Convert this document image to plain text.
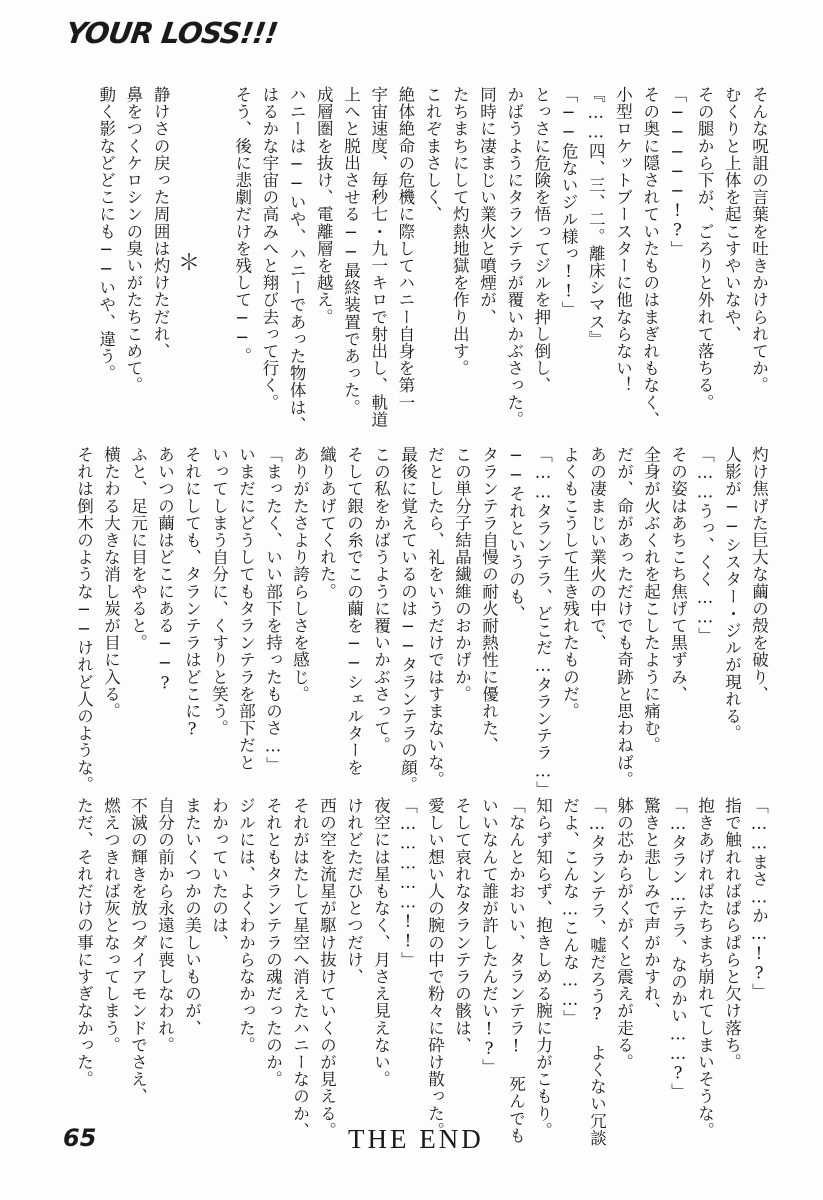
YOUR LOSS!!!
そんな呪詛の言葉を吐きかけられてか。
むくりと上体を起こすやいなや、
その腿から下が、ごろりと外れて落ちる。
「─────!?」
その奥に隠されていたものはまぎれもなく、
小型ロケットブースターに他ならない！
『……四、三、二。離床シマス』
「──危ないジル様っ!!」
とっさに危険を悟ってジルを押し倒し、
かばうようにタランテラが覆いかぶさった。
同時に凄まじい業火と噴煙が、
たちまちにして灼熱地獄を作り出す。
これぞまさしく、
絶体絶命の危機に際してハニー自身を第一
宇宙速度、毎秒七・九一キロで射出し、軌道
上へと脱出させる──最終装置であった。
成層圏を抜け、電離層を越え。
ハニーは──いや、ハニーであった物体は、
はるかな宇宙の高みへと翔び去って行く。
そう、後に悲劇だけを残して──。
静けさの戻った周囲は灼けただれ、
鼻をつくケロシンの臭いがたちこめて。
動く影などどこにも──いや、違う。
灼け焦げた巨大な繭の殻を破り、
人影が──シスター・ジルが現れる。
「……うっ、くく……」
その姿はあちこち焦げて黒ずみ、
全身が火ぶくれを起こしたように痛む。
だが、命があっただけでも奇跡と思わねば。
あの凄まじい業火の中で、
よくもこうして生き残れたものだ。
「……タランテラ、どこだ…タランテラ…」
──それというのも、
タランテラ自慢の耐火耐熱性に優れた、
この単分子結晶繊維のおかげか。
だとしたら、礼をいうだけではすまないな。
最後に覚えているのは──タランテラの顔。
この私をかばうように覆いかぶさって。
そして銀の糸でこの繭を──シェルターを
織りあげてくれた。
ありがたさより誇らしさを感じ。
「まったく、いい部下を持ったものさ…」
いまだにどうしてもタランテラを部下だと
いってしまう自分に、くすりと笑う。
それにしても、タランテラはどこに?
あいつの繭はどこにある──?
ふと、足元に目をやると。
横たわる大きな消し炭が目に入る。
それは倒木のような──けれど人のような。
「……まさ…か…!?」
指で触れればぱらぱらと欠け落ち。
抱きあげればたちまち崩れてしまいそうな。
「…タラン…テラ、なのかい……?」
驚きと悲しみで声がかすれ、
躰の芯からがくがくと震えが走る。
「…タランテラ、嘘だろう? よくない冗談
だよ、こんな…こんな……」
知らず知らず、抱きしめる腕に力がこもり。
「なんとかおいい、タランテラ! 死んでも
いいなんて誰が許したんだい!?」
そして哀れなタランテラの骸は、
愛しい想い人の腕の中で粉々に砕け散った。
「……………!!」
夜空には星もなく、月さえ見えない。
けれどただひとつだけ、
西の空を流星が駆け抜けていくのが見える。
それがはたして星空へ消えたハニーなのか、
それともタランテラの魂だったのか。
ジルには、よくわからなかった。
わかっていたのは、
またいくつかの美しいものが、
自分の前から永遠に喪しなわれ。
不滅の輝きを放つダイアモンドでさえ、
燃えつきれば灰となってしまう。
ただ、それだけの事にすぎなかった。
＊
65	THE END
